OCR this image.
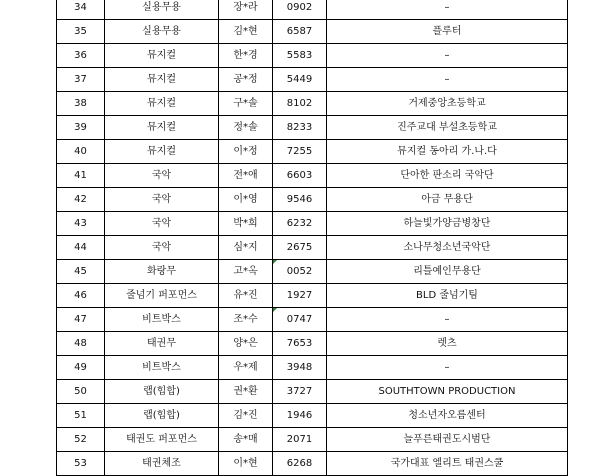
34	실용무용	장*라	0902	–
35	실용무용	김*현	6587	플루터
36	뮤지컬	한*경	5583	–
37	뮤지컬	공*정	5449	–
38	뮤지컬	구*솔	8102	거제중앙초등학교
39	뮤지컬	정*솔	8233	진주교대 부설초등학교
40	뮤지컬	이*정	7255	뮤지컬 동아리 가.나.다
41	국악	전*애	6603	단아한 판소리 국악단
42	국악	이*영	9546	아금 무용단
43	국악	박*희	6232	하늘빛가양금병창단
44	국악	심*지	2675	소나무청소년국악단
45	화랑무	고*옥	0052	리틀예인무용단
46	줄넘기 퍼포먼스	유*진	1927	BLD 줄넘기팀
47	비트박스	조*수	0747	–
48	태권무	양*은	7653	렛츠
49	비트박스	우*제	3948	–
50	랩(힙합)	권*환	3727	SOUTHTOWN PRODUCTION
51	랩(힙합)	김*진	1946	청소년자오름센터
52	태권도 퍼포먼스	송*매	2071	늘푸른태권도시범단
53	태권체조	이*현	6268	국가대표 엘리트 태권스쿨
